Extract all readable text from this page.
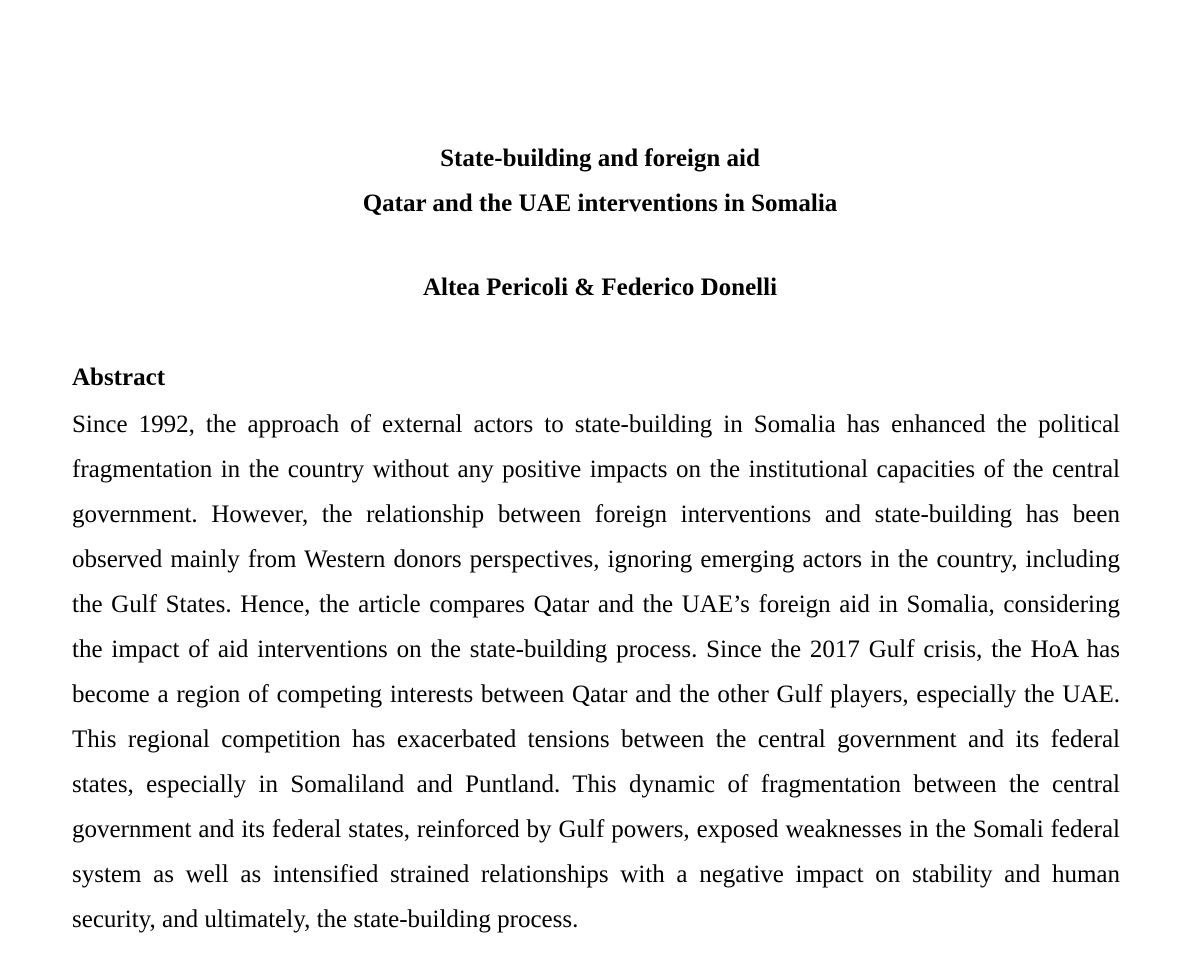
State-building and foreign aid
Qatar and the UAE interventions in Somalia
Altea Pericoli & Federico Donelli
Abstract

Since 1992, the approach of external actors to state-building in Somalia has enhanced the political fragmentation in the country without any positive impacts on the institutional capacities of the central government. However, the relationship between foreign interventions and state-building has been observed mainly from Western donors perspectives, ignoring emerging actors in the country, including the Gulf States. Hence, the article compares Qatar and the UAE’s foreign aid in Somalia, considering the impact of aid interventions on the state-building process. Since the 2017 Gulf crisis, the HoA has become a region of competing interests between Qatar and the other Gulf players, especially the UAE. This regional competition has exacerbated tensions between the central government and its federal states, especially in Somaliland and Puntland. This dynamic of fragmentation between the central government and its federal states, reinforced by Gulf powers, exposed weaknesses in the Somali federal system as well as intensified strained relationships with a negative impact on stability and human security, and ultimately, the state-building process.
